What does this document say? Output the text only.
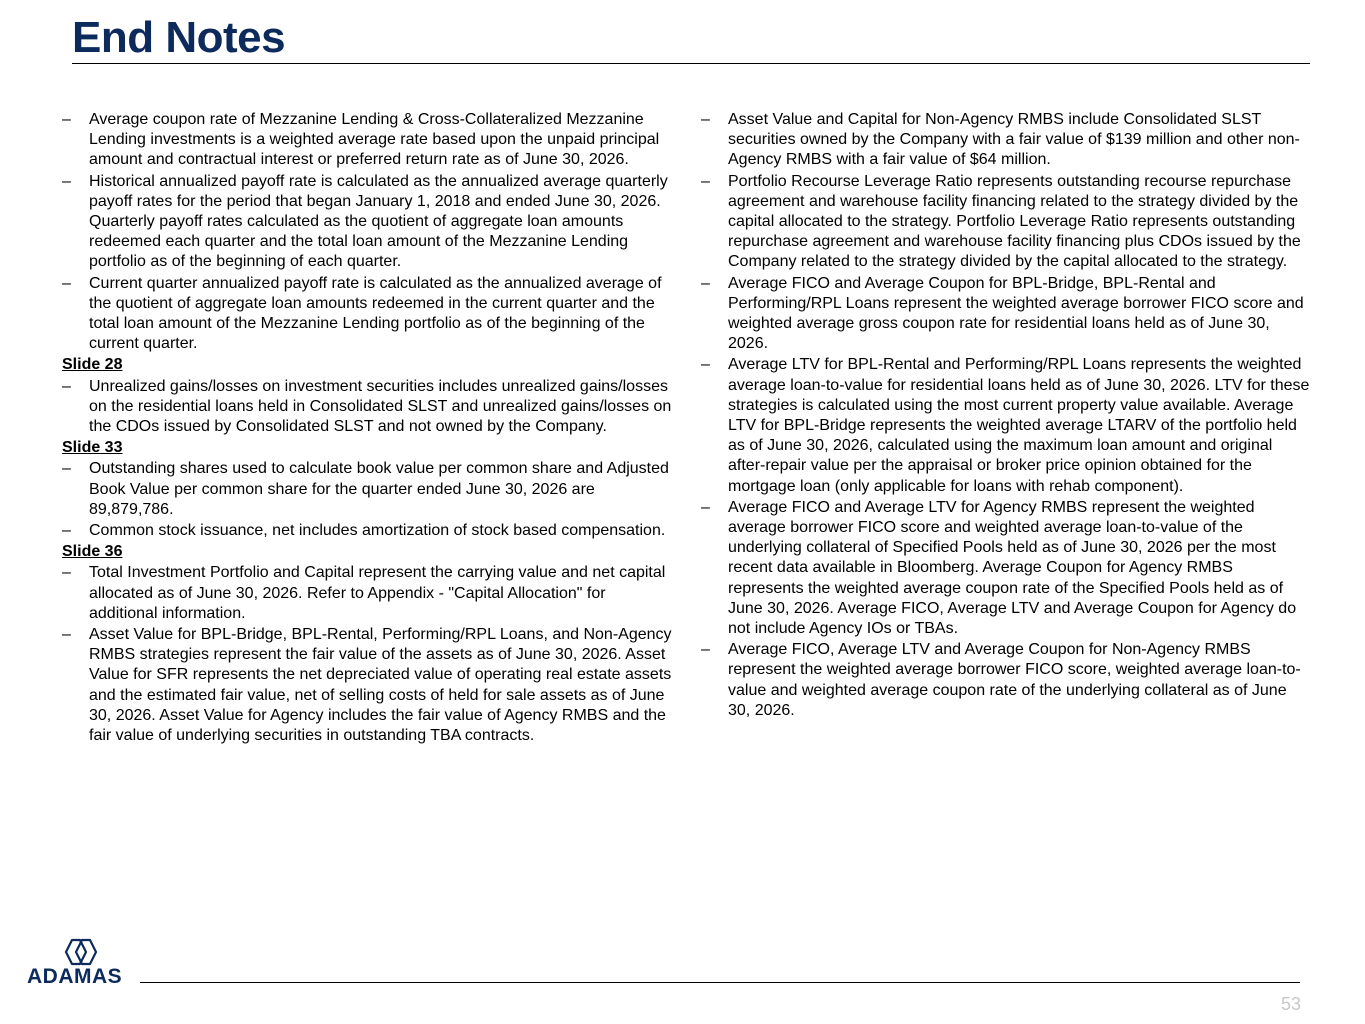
End Notes
–	Average coupon rate of Mezzanine Lending & Cross-Collateralized Mezzanine Lending investments is a weighted average rate based upon the unpaid principal amount and contractual interest or preferred return rate as of June 30, 2026.
–	Historical annualized payoff rate is calculated as the annualized average quarterly payoff rates for the period that began January 1, 2018 and ended June 30, 2026. Quarterly payoff rates calculated as the quotient of aggregate loan amounts redeemed each quarter and the total loan amount of the Mezzanine Lending portfolio as of the beginning of each quarter.
–	Current quarter annualized payoff rate is calculated as the annualized average of the quotient of aggregate loan amounts redeemed in the current quarter and the total loan amount of the Mezzanine Lending portfolio as of the beginning of the current quarter.
Slide 28
–	Unrealized gains/losses on investment securities includes unrealized gains/losses on the residential loans held in Consolidated SLST and unrealized gains/losses on the CDOs issued by Consolidated SLST and not owned by the Company.
Slide 33
–	Outstanding shares used to calculate book value per common share and Adjusted Book Value per common share for the quarter ended June 30, 2026 are 89,879,786.
–	Common stock issuance, net includes amortization of stock based compensation.
Slide 36
–	Total Investment Portfolio and Capital represent the carrying value and net capital allocated as of June 30, 2026. Refer to Appendix - "Capital Allocation" for additional information.
–	Asset Value for BPL-Bridge, BPL-Rental, Performing/RPL Loans, and Non-Agency RMBS strategies represent the fair value of the assets as of June 30, 2026. Asset Value for SFR represents the net depreciated value of operating real estate assets and the estimated fair value, net of selling costs of held for sale assets as of June 30, 2026. Asset Value for Agency includes the fair value of Agency RMBS and the fair value of underlying securities in outstanding TBA contracts.
–	Asset Value and Capital for Non-Agency RMBS include Consolidated SLST securities owned by the Company with a fair value of $139 million and other non-Agency RMBS with a fair value of $64 million.
–	Portfolio Recourse Leverage Ratio represents outstanding recourse repurchase agreement and warehouse facility financing related to the strategy divided by the capital allocated to the strategy. Portfolio Leverage Ratio represents outstanding repurchase agreement and warehouse facility financing plus CDOs issued by the Company related to the strategy divided by the capital allocated to the strategy.
–	Average FICO and Average Coupon for BPL-Bridge, BPL-Rental and Performing/RPL Loans represent the weighted average borrower FICO score and weighted average gross coupon rate for residential loans held as of June 30, 2026.
–	Average LTV for BPL-Rental and Performing/RPL Loans represents the weighted average loan-to-value for residential loans held as of June 30, 2026. LTV for these strategies is calculated using the most current property value available. Average LTV for BPL-Bridge represents the weighted average LTARV of the portfolio held as of June 30, 2026, calculated using the maximum loan amount and original after-repair value per the appraisal or broker price opinion obtained for the mortgage loan (only applicable for loans with rehab component).
–	Average FICO and Average LTV for Agency RMBS represent the weighted average borrower FICO score and weighted average loan-to-value of the underlying collateral of Specified Pools held as of June 30, 2026 per the most recent data available in Bloomberg. Average Coupon for Agency RMBS represents the weighted average coupon rate of the Specified Pools held as of June 30, 2026. Average FICO, Average LTV and Average Coupon for Agency do not include Agency IOs or TBAs.
–	Average FICO, Average LTV and Average Coupon for Non-Agency RMBS represent the weighted average borrower FICO score, weighted average loan-to-value and weighted average coupon rate of the underlying collateral as of June 30, 2026.
ADAMAS
53
